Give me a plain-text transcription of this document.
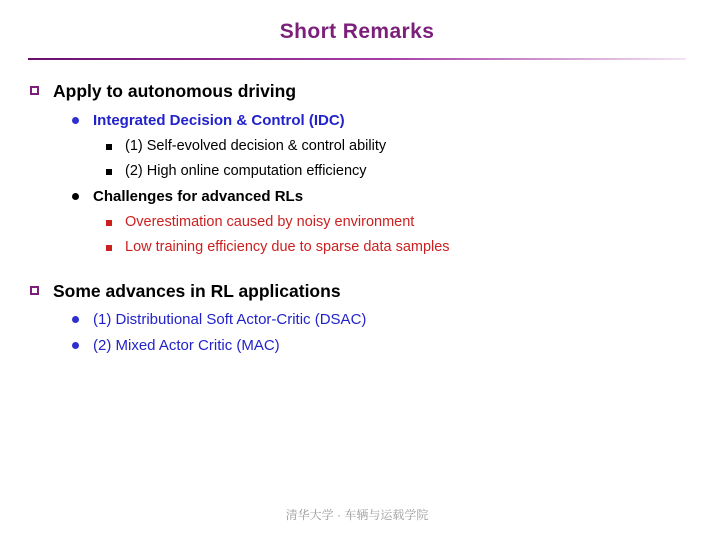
Short Remarks
Apply to autonomous driving
Integrated Decision & Control (IDC)
(1) Self-evolved decision & control ability
(2) High online computation efficiency
Challenges for advanced RLs
Overestimation caused by noisy environment
Low training efficiency due to sparse data samples
Some advances in RL applications
(1) Distributional Soft Actor-Critic (DSAC)
(2) Mixed Actor Critic (MAC)
清华大学 · 车辆与运载学院
